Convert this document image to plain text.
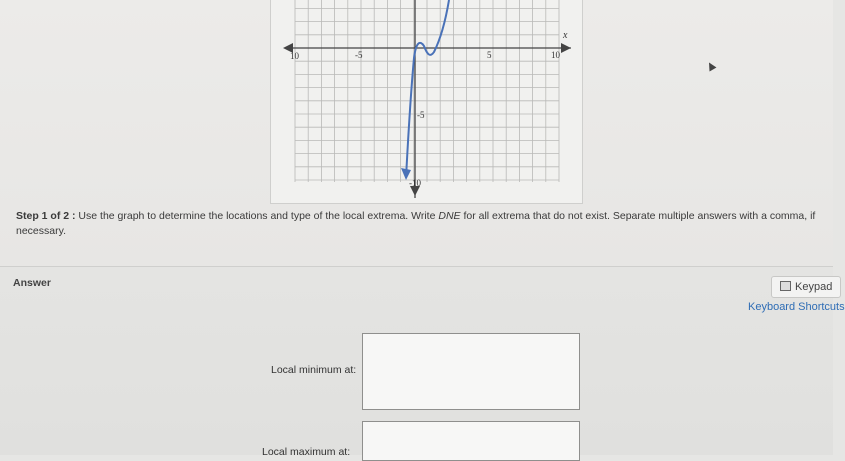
10	-5	5	10
x
-5
-10
Step 1 of 2 : Use the graph to determine the locations and type of the local extrema. Write DNE for all extrema that do not exist. Separate multiple answers with a comma, if necessary.
Answer	Keypad
Keyboard Shortcuts
Local minimum at:
Local maximum at:
